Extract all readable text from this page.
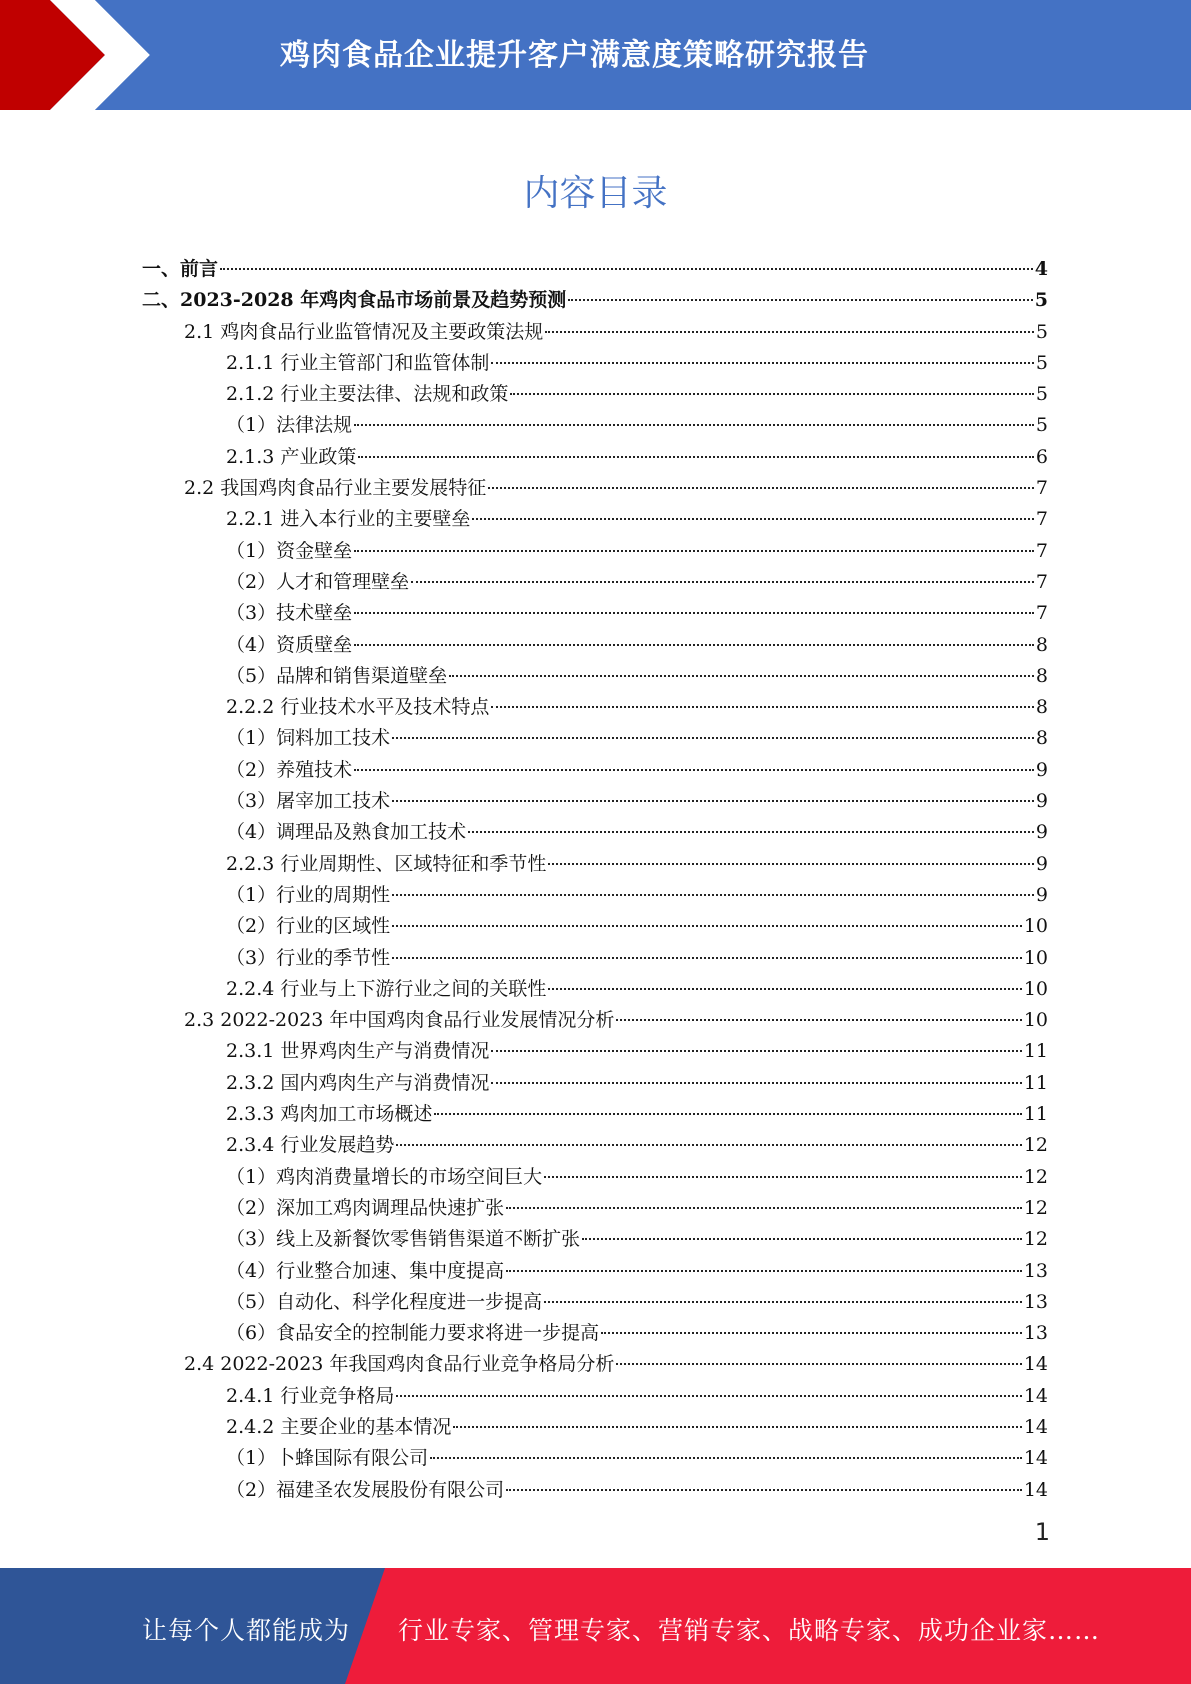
鸡肉食品企业提升客户满意度策略研究报告
内容目录
一、前言	4
二、2023-2028 年鸡肉食品市场前景及趋势预测	5
2.1 鸡肉食品行业监管情况及主要政策法规	5
2.1.1 行业主管部门和监管体制	5
2.1.2 行业主要法律、法规和政策	5
（1）法律法规	5
2.1.3 产业政策	6
2.2 我国鸡肉食品行业主要发展特征	7
2.2.1 进入本行业的主要壁垒	7
（1）资金壁垒	7
（2）人才和管理壁垒	7
（3）技术壁垒	7
（4）资质壁垒	8
（5）品牌和销售渠道壁垒	8
2.2.2 行业技术水平及技术特点	8
（1）饲料加工技术	8
（2）养殖技术	9
（3）屠宰加工技术	9
（4）调理品及熟食加工技术	9
2.2.3 行业周期性、区域特征和季节性	9
（1）行业的周期性	9
（2）行业的区域性	10
（3）行业的季节性	10
2.2.4 行业与上下游行业之间的关联性	10
2.3 2022-2023 年中国鸡肉食品行业发展情况分析	10
2.3.1 世界鸡肉生产与消费情况	11
2.3.2 国内鸡肉生产与消费情况	11
2.3.3 鸡肉加工市场概述	11
2.3.4 行业发展趋势	12
（1）鸡肉消费量增长的市场空间巨大	12
（2）深加工鸡肉调理品快速扩张	12
（3）线上及新餐饮零售销售渠道不断扩张	12
（4）行业整合加速、集中度提高	13
（5）自动化、科学化程度进一步提高	13
（6）食品安全的控制能力要求将进一步提高	13
2.4 2022-2023 年我国鸡肉食品行业竞争格局分析	14
2.4.1 行业竞争格局	14
2.4.2 主要企业的基本情况	14
（1）卜蜂国际有限公司	14
（2）福建圣农发展股份有限公司	14
1
让每个人都能成为 行业专家、管理专家、营销专家、战略专家、成功企业家……
